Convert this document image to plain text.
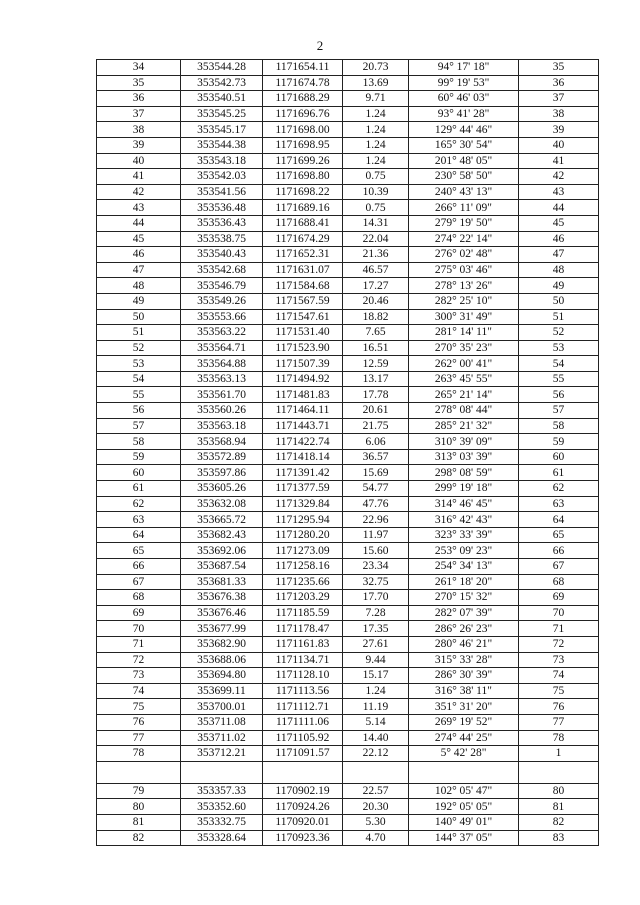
2
34	353544.28	1171654.11	20.73	94° 17' 18"	35
35	353542.73	1171674.78	13.69	99° 19' 53"	36
36	353540.51	1171688.29	9.71	60° 46' 03"	37
37	353545.25	1171696.76	1.24	93° 41' 28"	38
38	353545.17	1171698.00	1.24	129° 44' 46"	39
39	353544.38	1171698.95	1.24	165° 30' 54"	40
40	353543.18	1171699.26	1.24	201° 48' 05"	41
41	353542.03	1171698.80	0.75	230° 58' 50"	42
42	353541.56	1171698.22	10.39	240° 43' 13"	43
43	353536.48	1171689.16	0.75	266° 11' 09"	44
44	353536.43	1171688.41	14.31	279° 19' 50"	45
45	353538.75	1171674.29	22.04	274° 22' 14"	46
46	353540.43	1171652.31	21.36	276° 02' 48"	47
47	353542.68	1171631.07	46.57	275° 03' 46"	48
48	353546.79	1171584.68	17.27	278° 13' 26"	49
49	353549.26	1171567.59	20.46	282° 25' 10"	50
50	353553.66	1171547.61	18.82	300° 31' 49"	51
51	353563.22	1171531.40	7.65	281° 14' 11"	52
52	353564.71	1171523.90	16.51	270° 35' 23"	53
53	353564.88	1171507.39	12.59	262° 00' 41"	54
54	353563.13	1171494.92	13.17	263° 45' 55"	55
55	353561.70	1171481.83	17.78	265° 21' 14"	56
56	353560.26	1171464.11	20.61	278° 08' 44"	57
57	353563.18	1171443.71	21.75	285° 21' 32"	58
58	353568.94	1171422.74	6.06	310° 39' 09"	59
59	353572.89	1171418.14	36.57	313° 03' 39"	60
60	353597.86	1171391.42	15.69	298° 08' 59"	61
61	353605.26	1171377.59	54.77	299° 19' 18"	62
62	353632.08	1171329.84	47.76	314° 46' 45"	63
63	353665.72	1171295.94	22.96	316° 42' 43"	64
64	353682.43	1171280.20	11.97	323° 33' 39"	65
65	353692.06	1171273.09	15.60	253° 09' 23"	66
66	353687.54	1171258.16	23.34	254° 34' 13"	67
67	353681.33	1171235.66	32.75	261° 18' 20"	68
68	353676.38	1171203.29	17.70	270° 15' 32"	69
69	353676.46	1171185.59	7.28	282° 07' 39"	70
70	353677.99	1171178.47	17.35	286° 26' 23"	71
71	353682.90	1171161.83	27.61	280° 46' 21"	72
72	353688.06	1171134.71	9.44	315° 33' 28"	73
73	353694.80	1171128.10	15.17	286° 30' 39"	74
74	353699.11	1171113.56	1.24	316° 38' 11"	75
75	353700.01	1171112.71	11.19	351° 31' 20"	76
76	353711.08	1171111.06	5.14	269° 19' 52"	77
77	353711.02	1171105.92	14.40	274° 44' 25"	78
78	353712.21	1171091.57	22.12	5° 42' 28"	1

79	353357.33	1170902.19	22.57	102° 05' 47"	80
80	353352.60	1170924.26	20.30	192° 05' 05"	81
81	353332.75	1170920.01	5.30	140° 49' 01"	82
82	353328.64	1170923.36	4.70	144° 37' 05"	83
